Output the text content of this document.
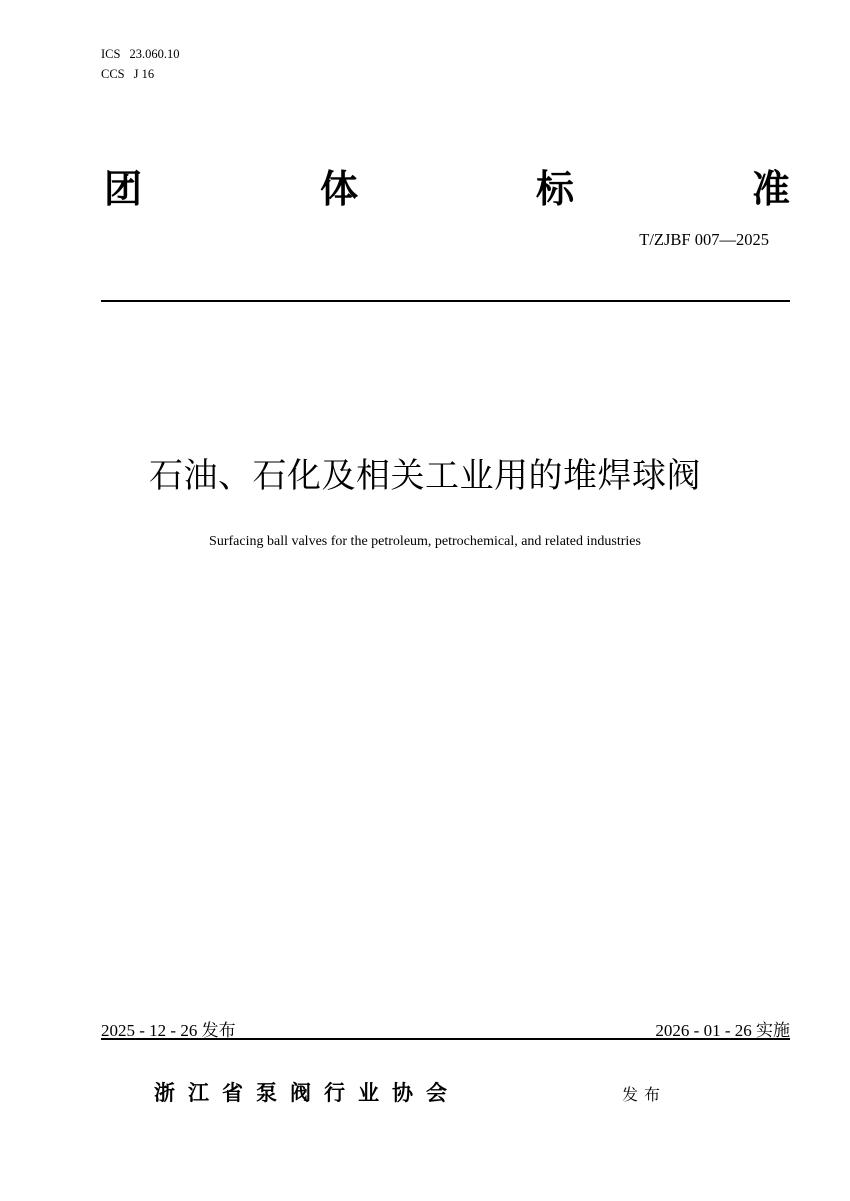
ICS 23.060.10
CCS J 16
团	体	标	准
T/ZJBF 007—2025
石油、石化及相关工业用的堆焊球阀
Surfacing ball valves for the petroleum, petrochemical, and related industries
2025 - 12 - 26 发布	2026 - 01 - 26 实施
浙江省泵阀行业协会	发布
